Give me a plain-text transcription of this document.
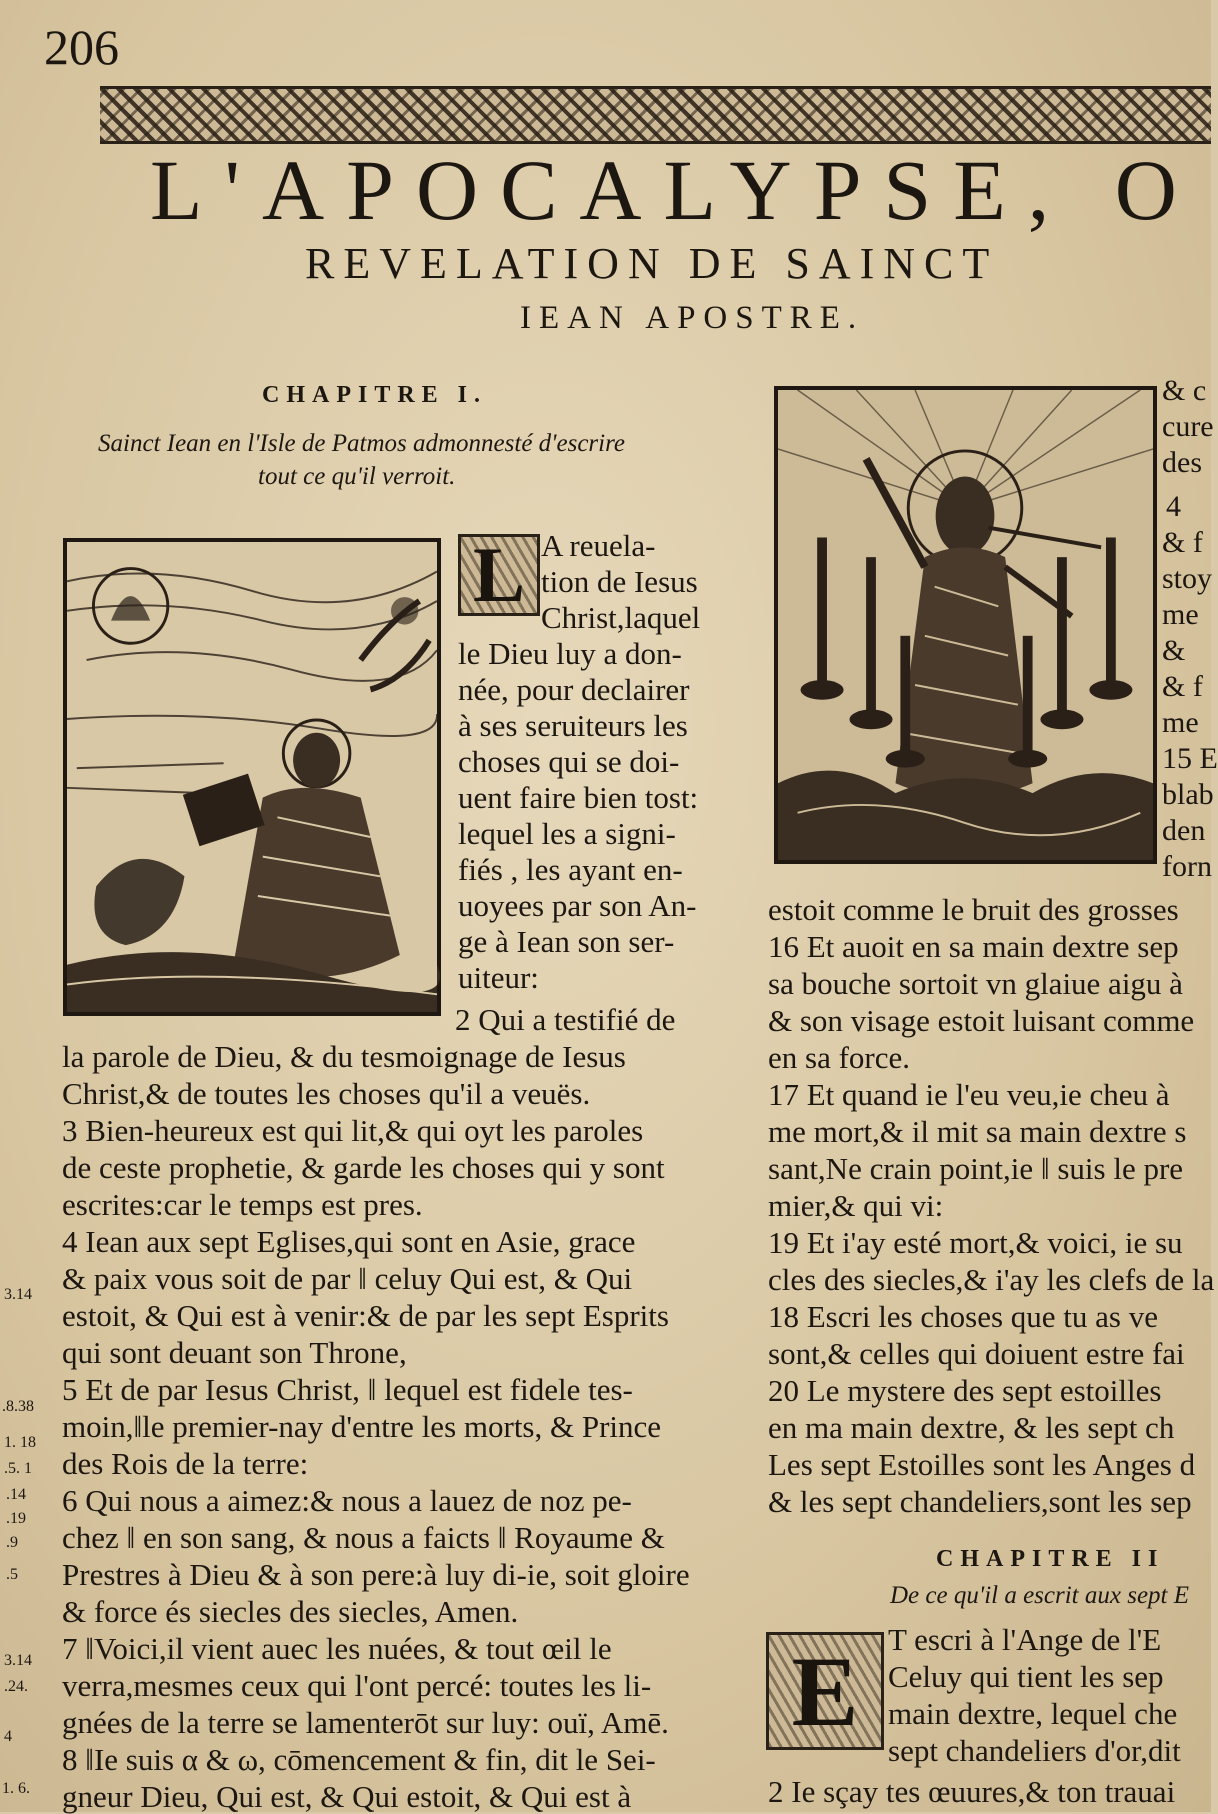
206
L'APOCALYPSE, O
REVELATION DE SAINCT
IEAN APOSTRE.
CHAPITRE I.
Sainct Iean en l'Isle de Patmos admonnesté d'escrire
tout ce qu'il verroit.
L A reuela-
tion de Iesus
Christ,laquel
le Dieu luy a don-
née, pour declairer
à ses seruiteurs les
choses qui se doi-
uent faire bien tost:
lequel les a signi-
fiés , les ayant en-
uoyees par son An-
ge à Iean son ser-
uiteur:
2 Qui a testifié de
la parole de Dieu, & du tesmoignage de Iesus
Christ,& de toutes les choses qu'il a veuës.
3 Bien-heureux est qui lit,& qui oyt les paroles
de ceste prophetie, & garde les choses qui y sont
escrites:car le temps est pres.
4 Iean aux sept Eglises,qui sont en Asie, grace
& paix vous soit de par ‖ celuy Qui est, & Qui
estoit, & Qui est à venir:& de par les sept Esprits
qui sont deuant son Throne,
5 Et de par Iesus Christ, ‖ lequel est fidele tes-
moin,‖le premier-nay d'entre les morts, & Prince
des Rois de la terre:
6 Qui nous a aimez:& nous a lauez de noz pe-
chez ‖ en son sang, & nous a faicts ‖ Royaume &
Prestres à Dieu & à son pere:à luy di-ie, soit gloire
& force és siecles des siecles, Amen.
7 ‖Voici,il vient auec les nuées, & tout œil le
verra,mesmes ceux qui l'ont percé: toutes les li-
gnées de la terre se lamenterōt sur luy: ouï, Amē.
8 ‖Ie suis α & ω, cōmencement & fin, dit le Sei-
gneur Dieu, Qui est, & Qui estoit, & Qui est à
3.14
.8.38
1. 18
.5. 1
.14
.19
.9
.5
3.14
.24.
4
1. 6.
& c
cure
des
4
& f
stoy
me
&
& f
me
15 E
blab
den
forn
estoit comme le bruit des grosses
16 Et auoit en sa main dextre sep
sa bouche sortoit vn glaiue aigu à
& son visage estoit luisant comme
en sa force.
17 Et quand ie l'eu veu,ie cheu à
me mort,& il mit sa main dextre s
sant,Ne crain point,ie ‖ suis le pre
mier,& qui vi:
19 Et i'ay esté mort,& voici, ie su
cles des siecles,& i'ay les clefs de la
18 Escri les choses que tu as ve
sont,& celles qui doiuent estre fai
20 Le mystere des sept estoilles
en ma main dextre, & les sept ch
Les sept Estoilles sont les Anges d
& les sept chandeliers,sont les sep
CHAPITRE II
De ce qu'il a escrit aux sept E
E T escri à l'Ange de l'E
Celuy qui tient les sep
main dextre, lequel che
sept chandeliers d'or,dit
2 Ie sçay tes œuures,& ton trauai
